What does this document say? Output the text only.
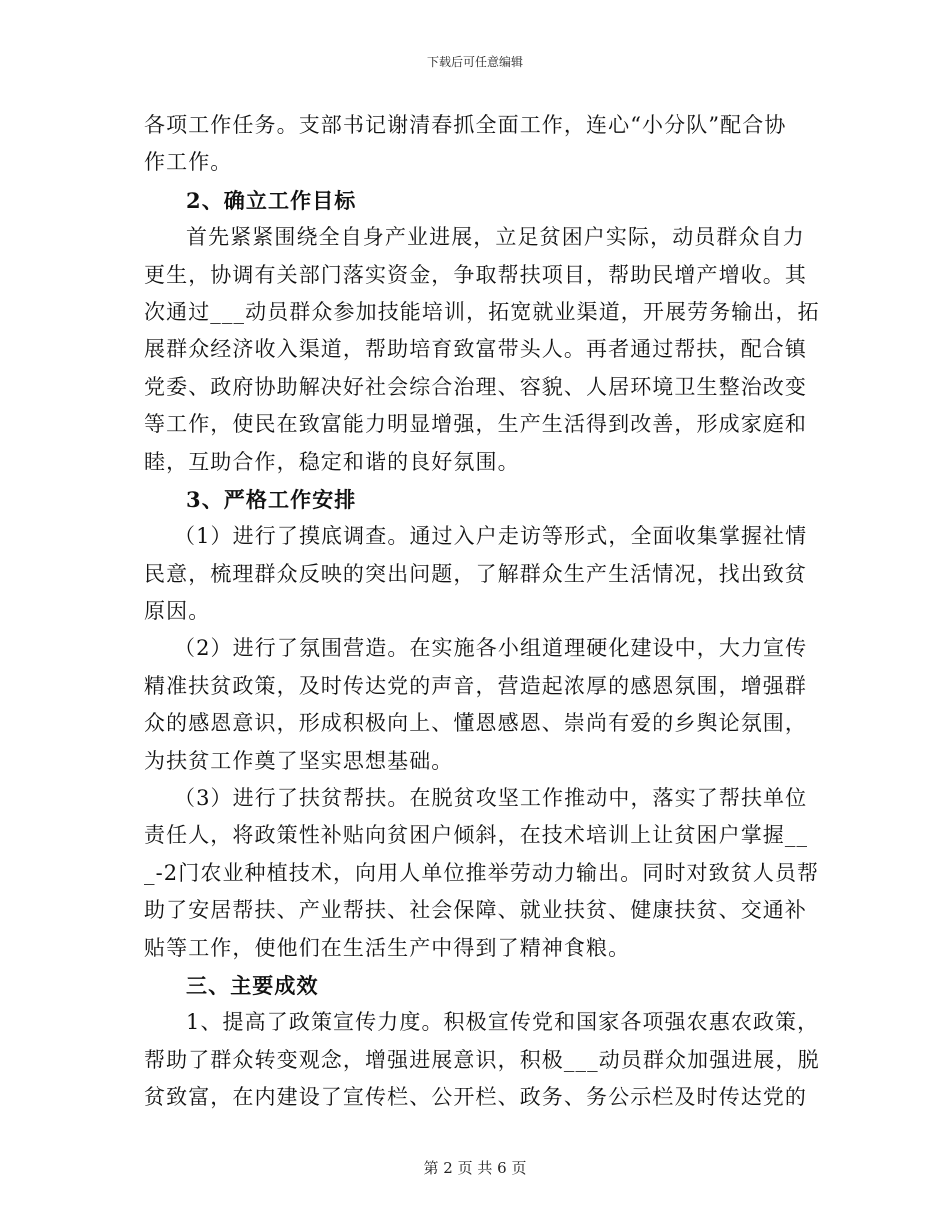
下载后可任意编辑
各项工作任务。支部书记谢清春抓全面工作，连心“小分队”配合协
作工作。
2、确立工作目标
首先紧紧围绕全自身产业进展，立足贫困户实际，动员群众自力
更生，协调有关部门落实资金，争取帮扶项目，帮助民增产增收。其
次通过___动员群众参加技能培训，拓宽就业渠道，开展劳务输出，拓
展群众经济收入渠道，帮助培育致富带头人。再者通过帮扶，配合镇
党委、政府协助解决好社会综合治理、容貌、人居环境卫生整治改变
等工作，使民在致富能力明显增强，生产生活得到改善，形成家庭和
睦，互助合作，稳定和谐的良好氛围。
3、严格工作安排
（1）进行了摸底调查。通过入户走访等形式，全面收集掌握社情
民意，梳理群众反映的突出问题，了解群众生产生活情况，找出致贫
原因。
（2）进行了氛围营造。在实施各小组道理硬化建设中，大力宣传
精准扶贫政策，及时传达党的声音，营造起浓厚的感恩氛围，增强群
众的感恩意识，形成积极向上、懂恩感恩、崇尚有爱的乡舆论氛围，
为扶贫工作奠了坚实思想基础。
（3）进行了扶贫帮扶。在脱贫攻坚工作推动中，落实了帮扶单位
责任人，将政策性补贴向贫困户倾斜，在技术培训上让贫困户掌握__
_-2门农业种植技术，向用人单位推举劳动力输出。同时对致贫人员帮
助了安居帮扶、产业帮扶、社会保障、就业扶贫、健康扶贫、交通补
贴等工作，使他们在生活生产中得到了精神食粮。
三、主要成效
1、提高了政策宣传力度。积极宣传党和国家各项强农惠农政策，
帮助了群众转变观念，增强进展意识，积极___动员群众加强进展，脱
贫致富，在内建设了宣传栏、公开栏、政务、务公示栏及时传达党的
第 2 页 共 6 页
